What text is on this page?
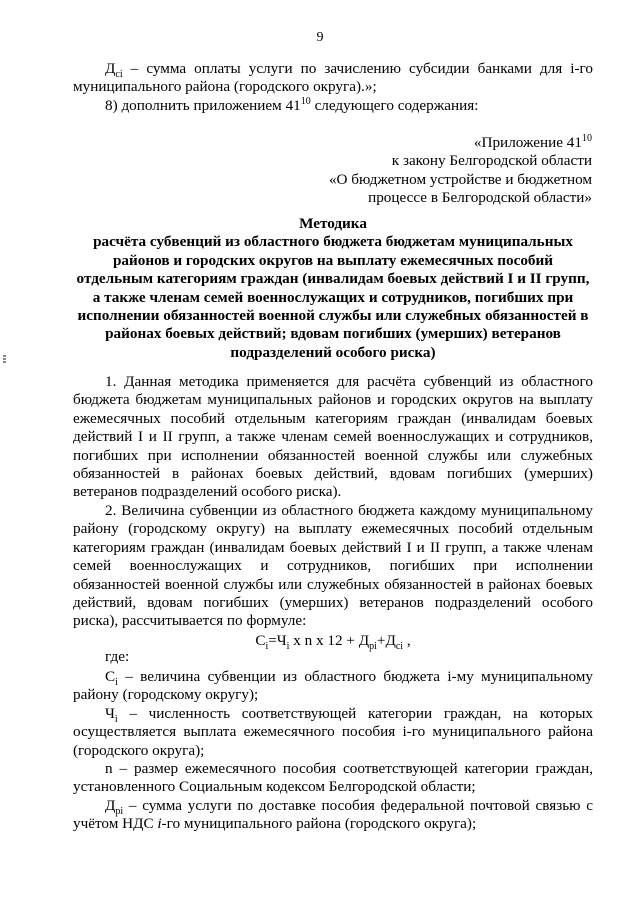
9
$Д_{ci}$ – сумма оплаты услуги по зачислению субсидии банками для i-го муниципального района (городского округа).»;
8) дополнить приложением $41^{10}$ следующего содержания:
«Приложение $41^{10}$
к закону Белгородской области
«О бюджетном устройстве и бюджетном
процессе в Белгородской области»
Методика
расчёта субвенций из областного бюджета бюджетам муниципальных районов и городских округов на выплату ежемесячных пособий отдельным категориям граждан (инвалидам боевых действий I и II групп, а также членам семей военнослужащих и сотрудников, погибших при исполнении обязанностей военной службы или служебных обязанностей в районах боевых действий; вдовам погибших (умерших) ветеранов подразделений особого риска)
1. Данная методика применяется для расчёта субвенций из областного бюджета бюджетам муниципальных районов и городских округов на выплату ежемесячных пособий отдельным категориям граждан (инвалидам боевых действий I и II групп, а также членам семей военнослужащих и сотрудников, погибших при исполнении обязанностей военной службы или служебных обязанностей в районах боевых действий, вдовам погибших (умерших) ветеранов подразделений особого риска).
2. Величина субвенции из областного бюджета каждому муниципальному району (городскому округу) на выплату ежемесячных пособий отдельным категориям граждан (инвалидам боевых действий I и II групп, а также членам семей военнослужащих и сотрудников, погибших при исполнении обязанностей военной службы или служебных обязанностей в районах боевых действий, вдовам погибших (умерших) ветеранов подразделений особого риска), рассчитывается по формуле:
$C_i=Ч_i$ x n x $12 + Д_{pi}+Д_{ci}$ ,
где:
$C_i$ – величина субвенции из областного бюджета i-му муниципальному району (городскому округу);
$Ч_i$ – численность соответствующей категории граждан, на которых осуществляется выплата ежемесячного пособия i-го муниципального района (городского округа);
n – размер ежемесячного пособия соответствующей категории граждан, установленного Социальным кодексом Белгородской области;
$Д_{pi}$ – сумма услуги по доставке пособия федеральной почтовой связью с учётом НДС i-го муниципального района (городского округа);
